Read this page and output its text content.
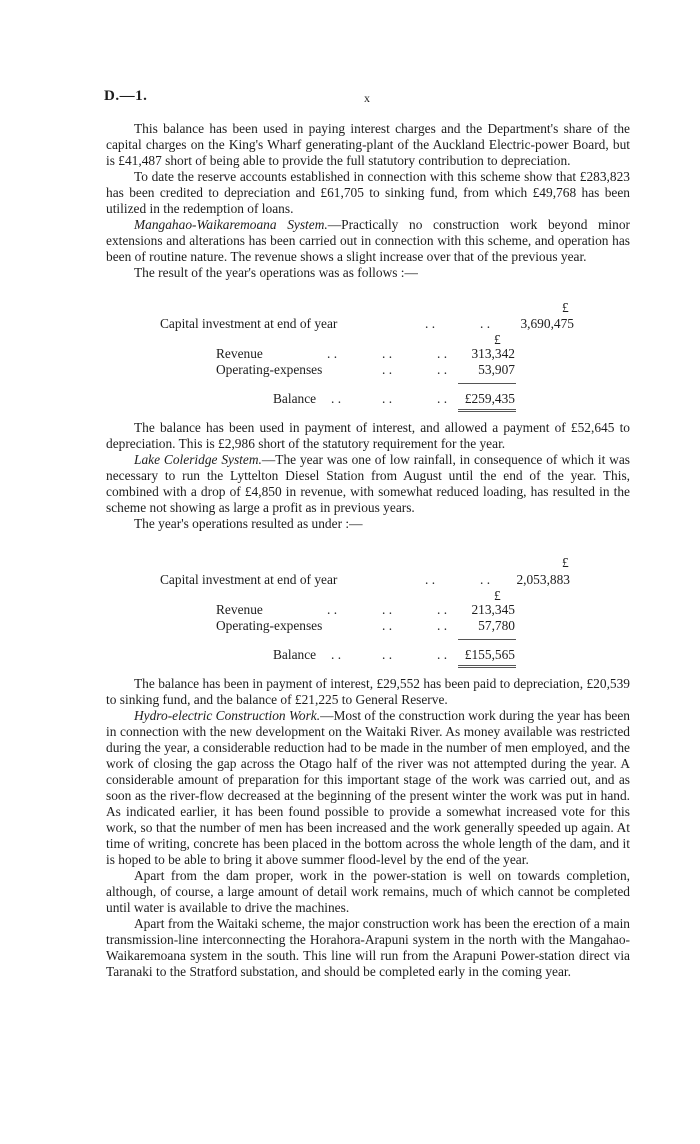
D.—1.	x

This balance has been used in paying interest charges and the Department's share of the capital charges on the King's Wharf generating-plant of the Auckland Electric-power Board, but is £41,487 short of being able to provide the full statutory contribution to depreciation.

To date the reserve accounts established in connection with this scheme show that £283,823 has been credited to depreciation and £61,705 to sinking fund, from which £49,768 has been utilized in the redemption of loans.

Mangahao-Waikaremoana System.—Practically no construction work beyond minor extensions and alterations has been carried out in connection with this scheme, and operation has been of routine nature. The revenue shows a slight increase over that of the previous year.

The result of the year's operations was as follows :—

£
Capital investment at end of year	. .	. .	3,690,475
£
Revenue	. .	. .	. .	313,342
Operating-expenses	. .	. .	53,907
Balance . .	. .	. .	£259,435

The balance has been used in payment of interest, and allowed a payment of £52,645 to depreciation. This is £2,986 short of the statutory requirement for the year.

Lake Coleridge System.—The year was one of low rainfall, in consequence of which it was necessary to run the Lyttelton Diesel Station from August until the end of the year. This, combined with a drop of £4,850 in revenue, with somewhat reduced loading, has resulted in the scheme not showing as large a profit as in previous years.

The year's operations resulted as under :—

£
Capital investment at end of year	. .	. .	2,053,883
£
Revenue	. .	. .	. .	213,345
Operating-expenses	. .	. .	57,780
Balance . .	. .	. .	£155,565

The balance has been in payment of interest, £29,552 has been paid to depreciation, £20,539 to sinking fund, and the balance of £21,225 to General Reserve.

Hydro-electric Construction Work.—Most of the construction work during the year has been in connection with the new development on the Waitaki River. As money available was restricted during the year, a considerable reduction had to be made in the number of men employed, and the work of closing the gap across the Otago half of the river was not attempted during the year. A considerable amount of preparation for this important stage of the work was carried out, and as soon as the river-flow decreased at the beginning of the present winter the work was put in hand. As indicated earlier, it has been found possible to provide a somewhat increased vote for this work, so that the number of men has been increased and the work generally speeded up again. At time of writing, concrete has been placed in the bottom across the whole length of the dam, and it is hoped to be able to bring it above summer flood-level by the end of the year.

Apart from the dam proper, work in the power-station is well on towards completion, although, of course, a large amount of detail work remains, much of which cannot be completed until water is available to drive the machines.

Apart from the Waitaki scheme, the major construction work has been the erection of a main transmission-line interconnecting the Horahora-Arapuni system in the north with the Mangahao-Waikaremoana system in the south. This line will run from the Arapuni Power-station direct via Taranaki to the Stratford substation, and should be completed early in the coming year.
